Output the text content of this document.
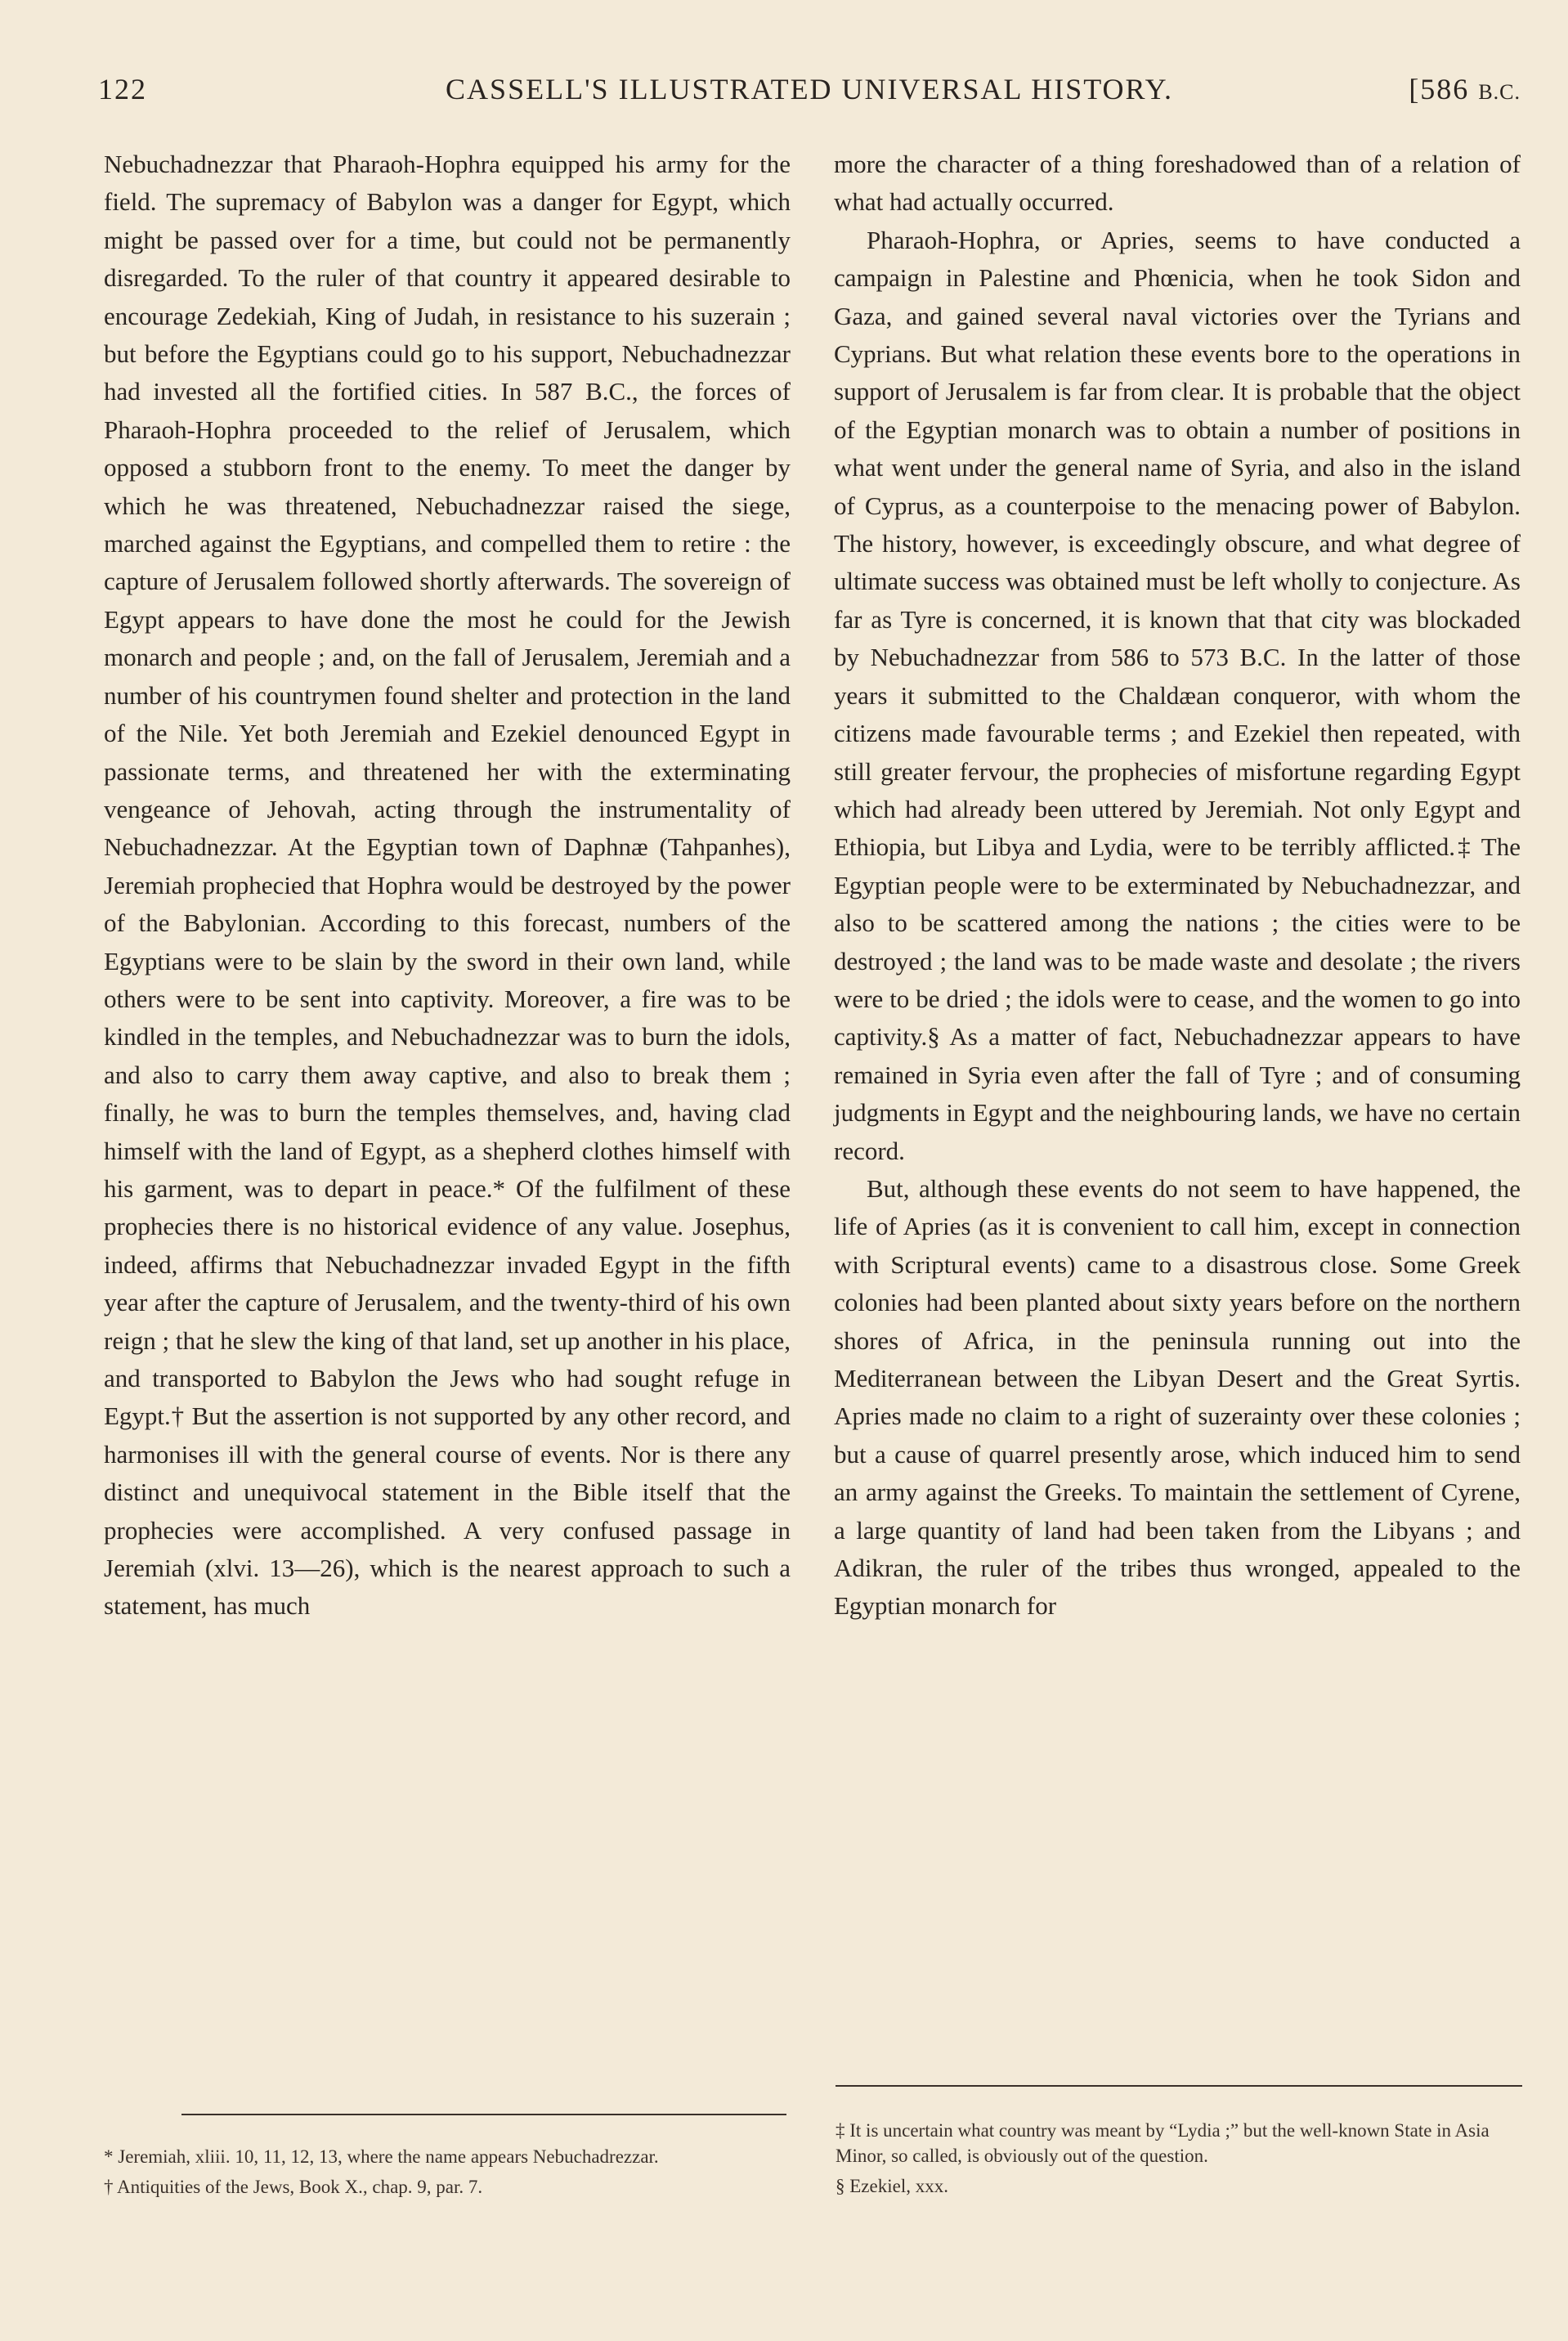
122	CASSELL'S ILLUSTRATED UNIVERSAL HISTORY.	[586 B.C.

Nebuchadnezzar that Pharaoh-Hophra equipped his army for the field. The supremacy of Babylon was a danger for Egypt, which might be passed over for a time, but could not be permanently disregarded. To the ruler of that country it appeared desirable to encourage Zedekiah, King of Judah, in resistance to his suzerain ; but before the Egyptians could go to his support, Nebuchadnezzar had invested all the fortified cities. In 587 B.C., the forces of Pharaoh-Hophra proceeded to the relief of Jerusalem, which opposed a stubborn front to the enemy. To meet the danger by which he was threatened, Nebuchadnezzar raised the siege, marched against the Egyptians, and compelled them to retire : the capture of Jerusalem followed shortly afterwards. The sovereign of Egypt appears to have done the most he could for the Jewish monarch and people ; and, on the fall of Jerusalem, Jeremiah and a number of his countrymen found shelter and protection in the land of the Nile. Yet both Jeremiah and Ezekiel denounced Egypt in passionate terms, and threatened her with the exterminating vengeance of Jehovah, acting through the instrumentality of Nebuchadnezzar. At the Egyptian town of Daphnæ (Tahpanhes), Jeremiah prophecied that Hophra would be destroyed by the power of the Babylonian. According to this forecast, numbers of the Egyptians were to be slain by the sword in their own land, while others were to be sent into captivity. Moreover, a fire was to be kindled in the temples, and Nebuchadnezzar was to burn the idols, and also to carry them away captive, and also to break them ; finally, he was to burn the temples themselves, and, having clad himself with the land of Egypt, as a shepherd clothes himself with his garment, was to depart in peace.* Of the fulfilment of these prophecies there is no historical evidence of any value. Josephus, indeed, affirms that Nebuchadnezzar invaded Egypt in the fifth year after the capture of Jerusalem, and the twenty-third of his own reign ; that he slew the king of that land, set up another in his place, and transported to Babylon the Jews who had sought refuge in Egypt.† But the assertion is not supported by any other record, and harmonises ill with the general course of events. Nor is there any distinct and unequivocal statement in the Bible itself that the prophecies were accomplished. A very confused passage in Jeremiah (xlvi. 13—26), which is the nearest approach to such a statement, has much

more the character of a thing foreshadowed than of a relation of what had actually occurred.

Pharaoh-Hophra, or Apries, seems to have conducted a campaign in Palestine and Phœnicia, when he took Sidon and Gaza, and gained several naval victories over the Tyrians and Cyprians. But what relation these events bore to the operations in support of Jerusalem is far from clear. It is probable that the object of the Egyptian monarch was to obtain a number of positions in what went under the general name of Syria, and also in the island of Cyprus, as a counterpoise to the menacing power of Babylon. The history, however, is exceedingly obscure, and what degree of ultimate success was obtained must be left wholly to conjecture. As far as Tyre is concerned, it is known that that city was blockaded by Nebuchadnezzar from 586 to 573 B.C. In the latter of those years it submitted to the Chaldæan conqueror, with whom the citizens made favourable terms ; and Ezekiel then repeated, with still greater fervour, the prophecies of misfortune regarding Egypt which had already been uttered by Jeremiah. Not only Egypt and Ethiopia, but Libya and Lydia, were to be terribly afflicted.‡ The Egyptian people were to be exterminated by Nebuchadnezzar, and also to be scattered among the nations ; the cities were to be destroyed ; the land was to be made waste and desolate ; the rivers were to be dried ; the idols were to cease, and the women to go into captivity.§ As a matter of fact, Nebuchadnezzar appears to have remained in Syria even after the fall of Tyre ; and of consuming judgments in Egypt and the neighbouring lands, we have no certain record.

But, although these events do not seem to have happened, the life of Apries (as it is convenient to call him, except in connection with Scriptural events) came to a disastrous close. Some Greek colonies had been planted about sixty years before on the northern shores of Africa, in the peninsula running out into the Mediterranean between the Libyan Desert and the Great Syrtis. Apries made no claim to a right of suzerainty over these colonies ; but a cause of quarrel presently arose, which induced him to send an army against the Greeks. To maintain the settlement of Cyrene, a large quantity of land had been taken from the Libyans ; and Adikran, the ruler of the tribes thus wronged, appealed to the Egyptian monarch for

* Jeremiah, xliii. 10, 11, 12, 13, where the name appears Nebuchadrezzar.

† Antiquities of the Jews, Book X., chap. 9, par. 7.

‡ It is uncertain what country was meant by “Lydia ;” but the well-known State in Asia Minor, so called, is obviously out of the question.

§ Ezekiel, xxx.
